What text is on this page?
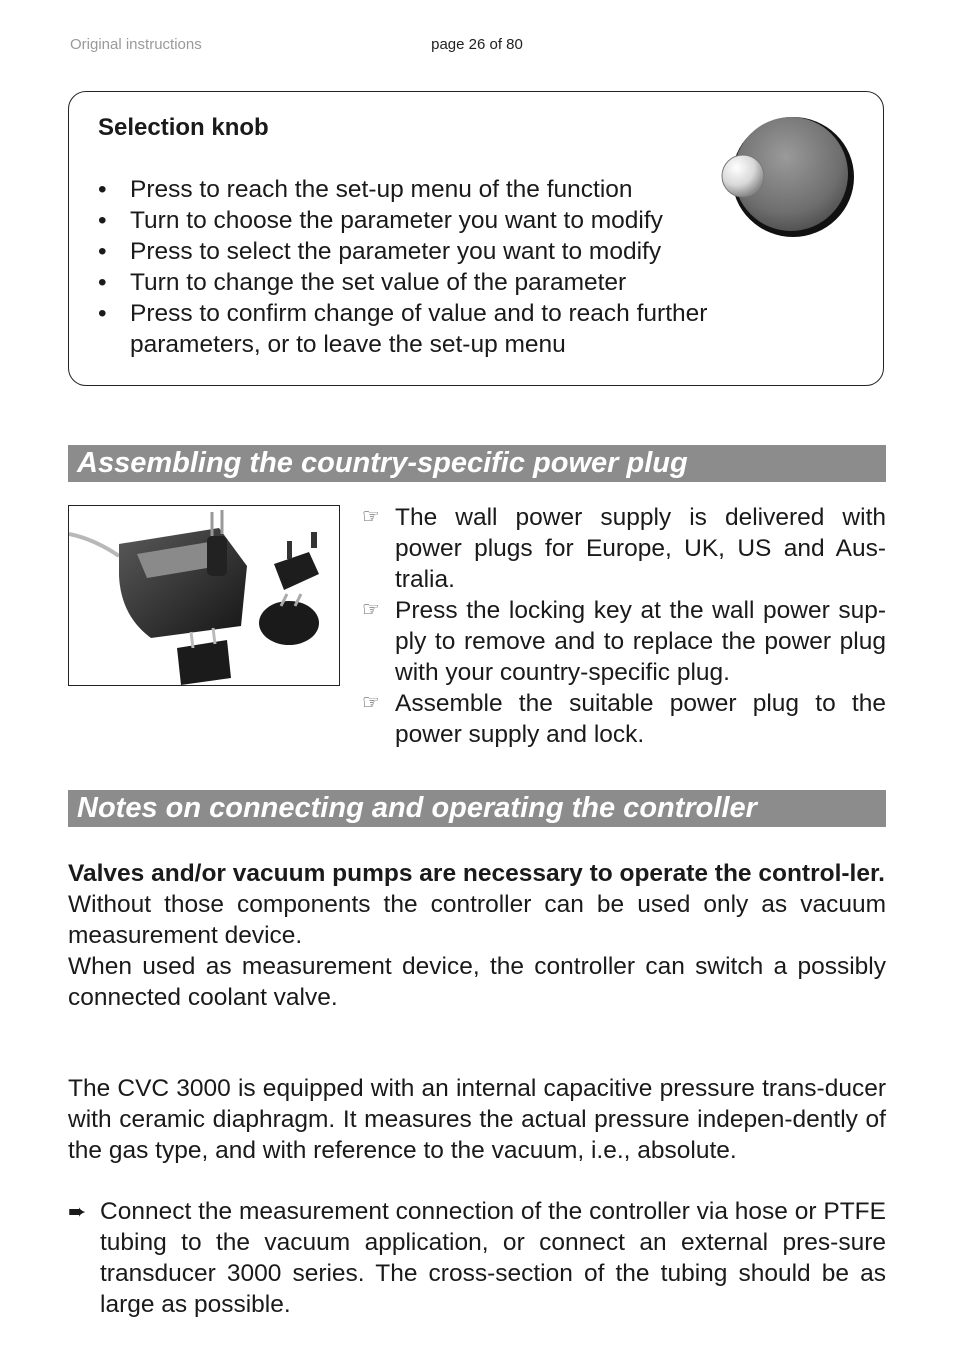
Original instructions	page 26 of 80
Selection knob
• Press to reach the set-up menu of the function
• Turn to choose the parameter you want to modify
• Press to select the parameter you want to modify
• Turn to change the set value of the parameter
• Press to confirm change of value and to reach further parameters, or to leave the set-up menu
Assembling the country-specific power plug
☞ The wall power supply is delivered with power plugs for Europe, UK, US and Aus-tralia.
☞ Press the locking key at the wall power sup-ply to remove and to replace the power plug with your country-specific plug.
☞ Assemble the suitable power plug to the power supply and lock.
Notes on connecting and operating the controller

Valves and/or vacuum pumps are necessary to operate the control-ler.

Without those components the controller can be used only as vacuum measurement device.

When used as measurement device, the controller can switch a possibly connected coolant valve.

The CVC 3000 is equipped with an internal capacitive pressure trans-ducer with ceramic diaphragm. It measures the actual pressure indepen-dently of the gas type, and with reference to the vacuum, i.e., absolute.
➨ Connect the measurement connection of the controller via hose or PTFE tubing to the vacuum application, or connect an external pres-sure transducer 3000 series. The cross-section of the tubing should be as large as possible.
